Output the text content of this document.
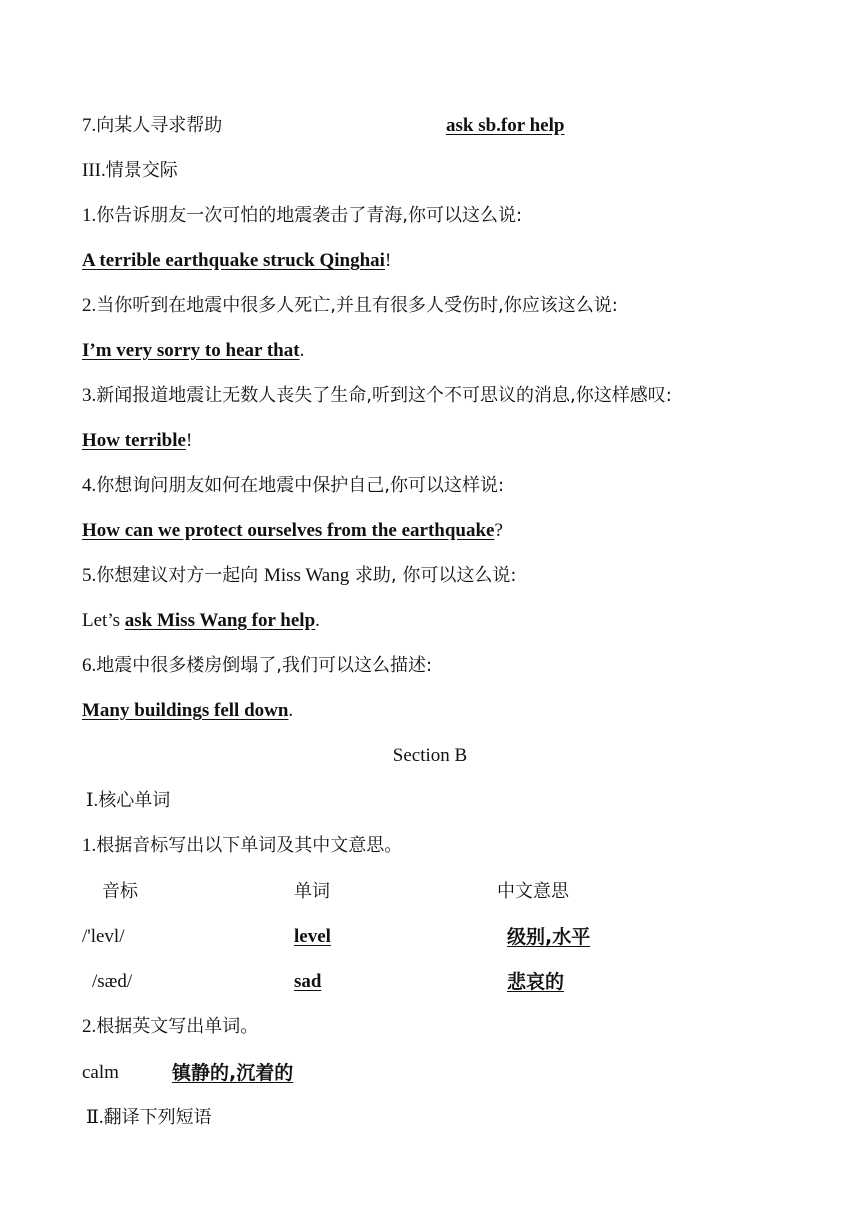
7.向某人寻求帮助	ask sb.for help
III.情景交际
1.你告诉朋友一次可怕的地震袭击了青海,你可以这么说:
A terrible earthquake struck Qinghai!
2.当你听到在地震中很多人死亡,并且有很多人受伤时,你应该这么说:
I’m very sorry to hear that.
3.新闻报道地震让无数人丧失了生命,听到这个不可思议的消息,你这样感叹:
How terrible!
4.你想询问朋友如何在地震中保护自己,你可以这样说:
How can we protect ourselves from the earthquake?
5.你想建议对方一起向 Miss Wang 求助, 你可以这么说:
Let’s ask Miss Wang for help.
6.地震中很多楼房倒塌了,我们可以这么描述:
Many buildings fell down.
Section B
Ⅰ.核心单词
1.根据音标写出以下单词及其中文意思。
音标	单词	中文意思
/'levl/	level	级别,水平
/sæd/	sad	悲哀的
2.根据英文写出单词。
calm	镇静的,沉着的
Ⅱ.翻译下列短语
